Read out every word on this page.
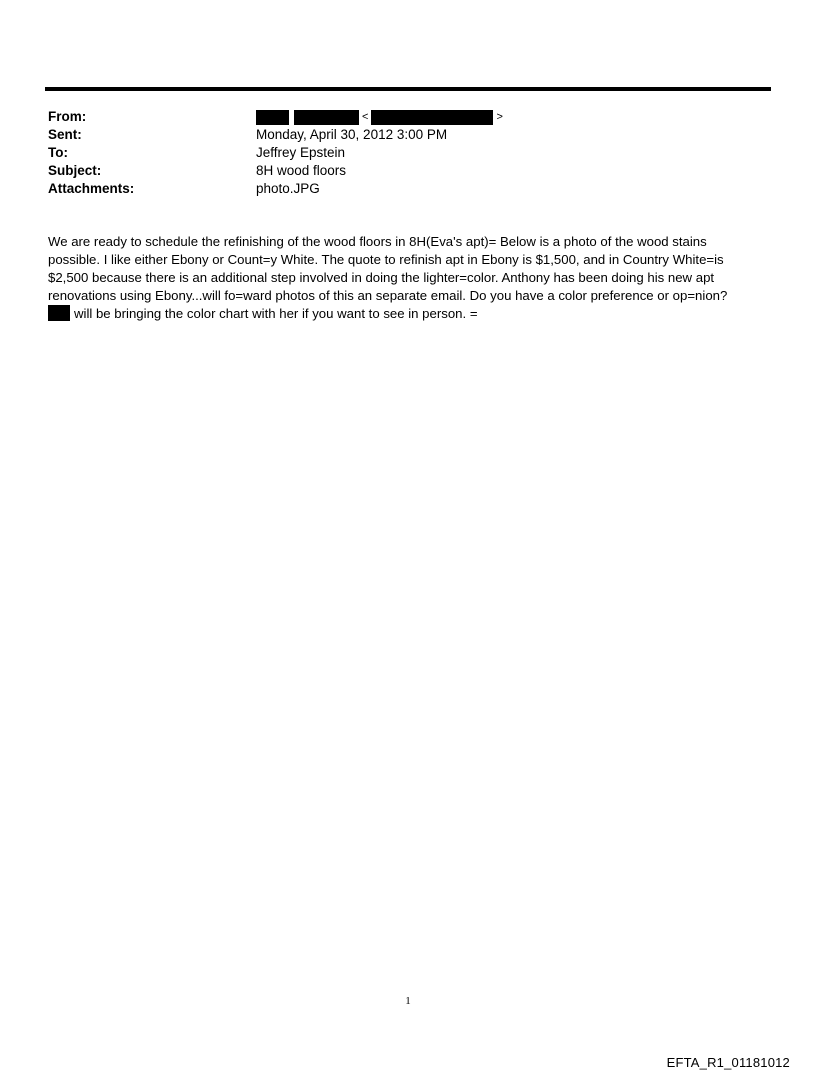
From:	<	>
Sent:	Monday, April 30, 2012 3:00 PM
To:	Jeffrey Epstein
Subject:	8H wood floors
Attachments:	photo.JPG

We are ready to schedule the refinishing of the wood floors in 8H(Eva's apt)= Below is a photo of the wood stains
possible. I like either Ebony or Count=y White. The quote to refinish apt in Ebony is $1,500, and in Country White=is
$2,500 because there is an additional step involved in doing the lighter=color. Anthony has been doing his new apt
renovations using Ebony...will fo=ward photos of this an separate email. Do you have a color preference or op=nion?

will be bringing the color chart with her if you want to see in person. =

1
EFTA_R1_01181012
